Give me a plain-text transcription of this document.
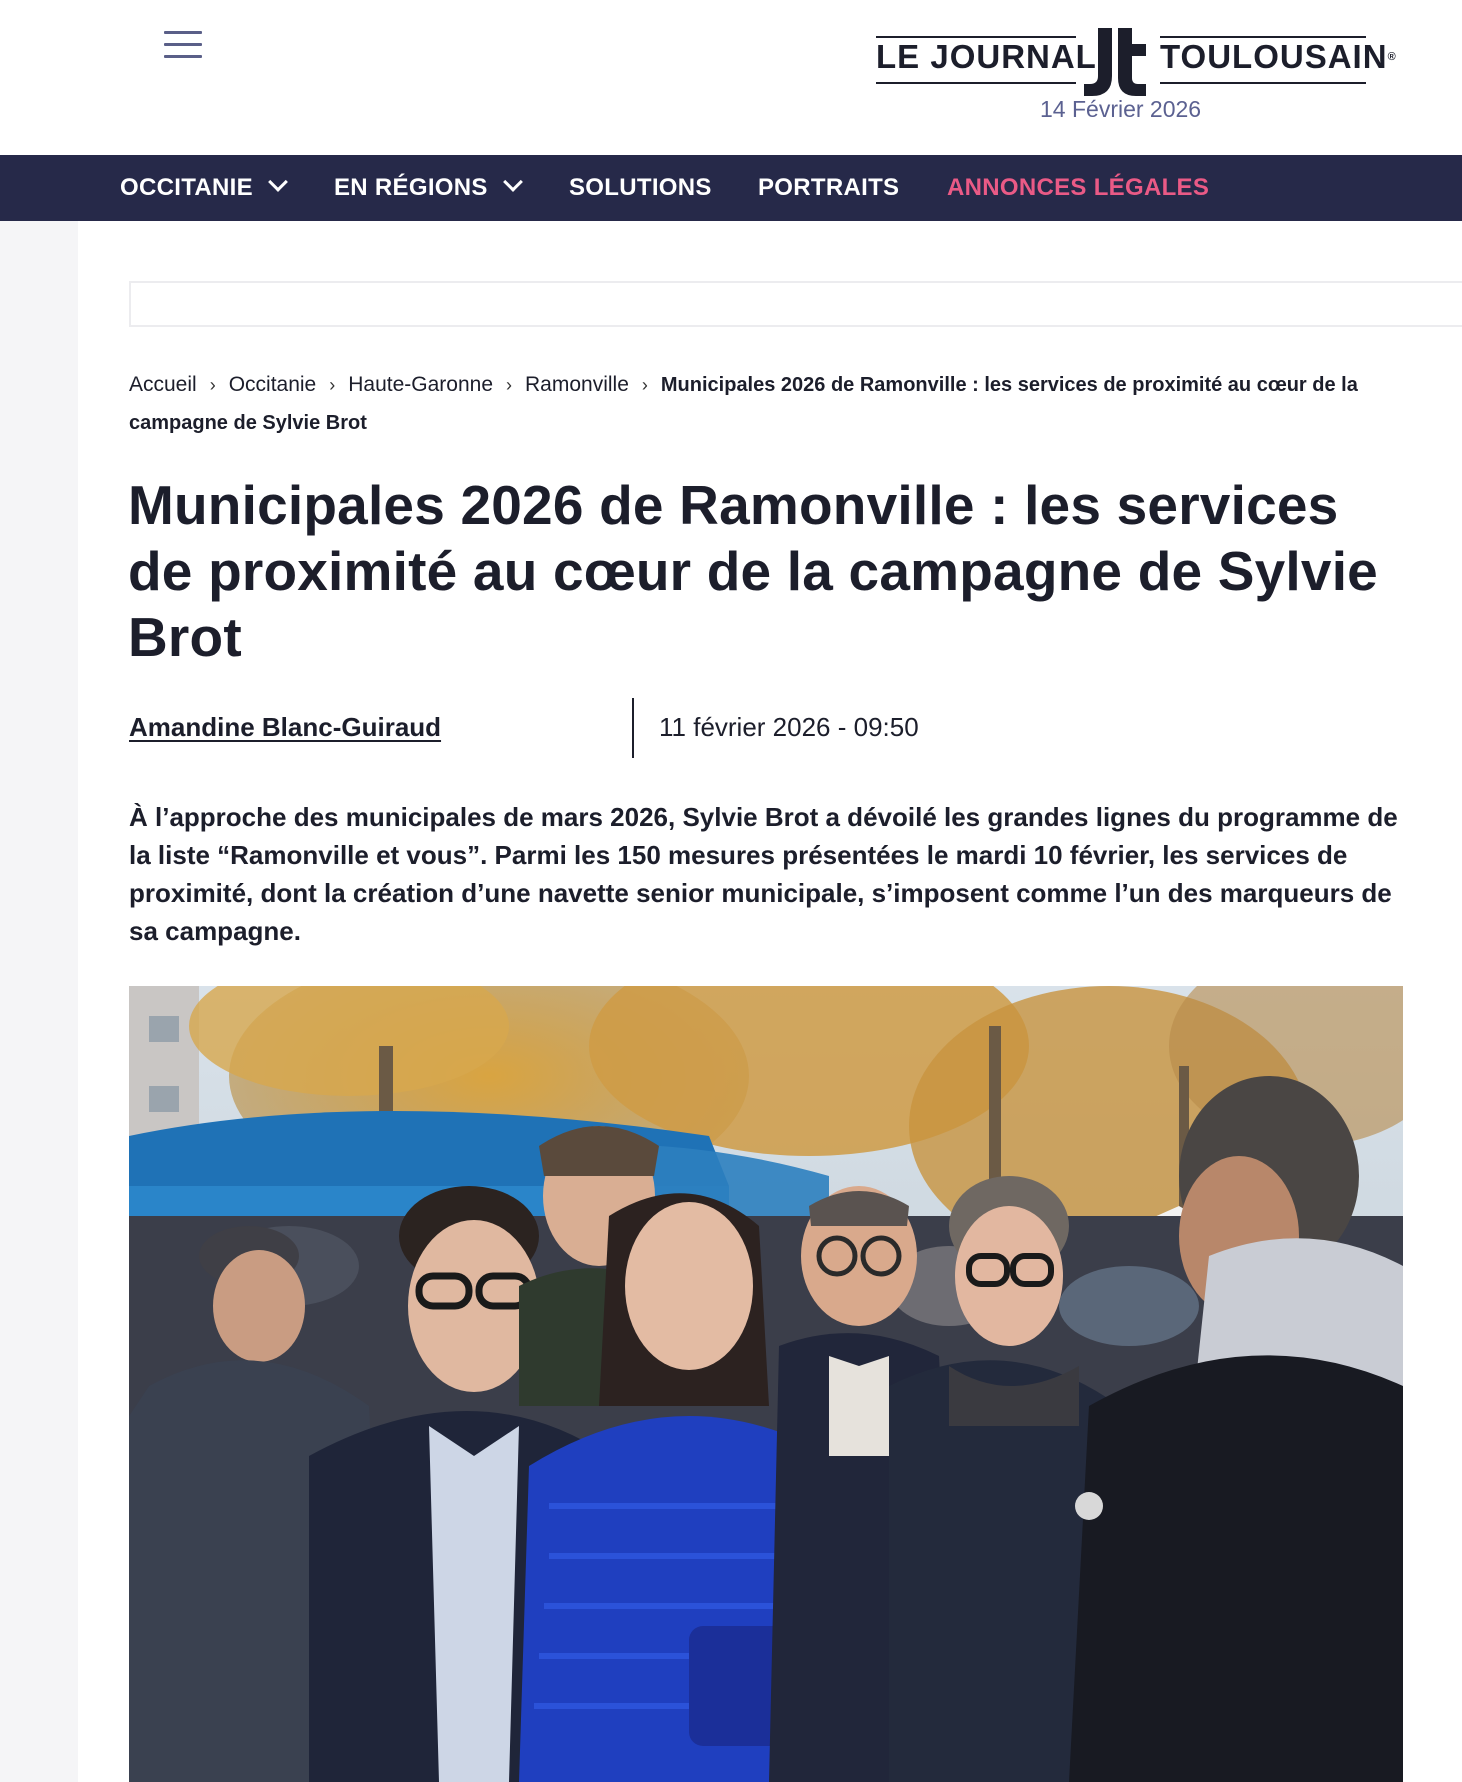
LE JOURNAL TOULOUSAIN®
14 Février 2026
OCCITANIE	EN RÉGIONS	SOLUTIONS PORTRAITS ANNONCES LÉGALES
Accueil › Occitanie › Haute-Garonne › Ramonville › Municipales 2026 de Ramonville : les services de proximité au cœur de la campagne de Sylvie Brot
Municipales 2026 de Ramonville : les services de proximité au cœur de la campagne de Sylvie Brot
Amandine Blanc-Guiraud	11 février 2026 - 09:50

À l’approche des municipales de mars 2026, Sylvie Brot a dévoilé les grandes lignes du programme de la liste “Ramonville et vous”. Parmi les 150 mesures présentées le mardi 10 février, les services de proximité, dont la création d’une navette senior municipale, s’imposent comme l’un des marqueurs de sa campagne.
